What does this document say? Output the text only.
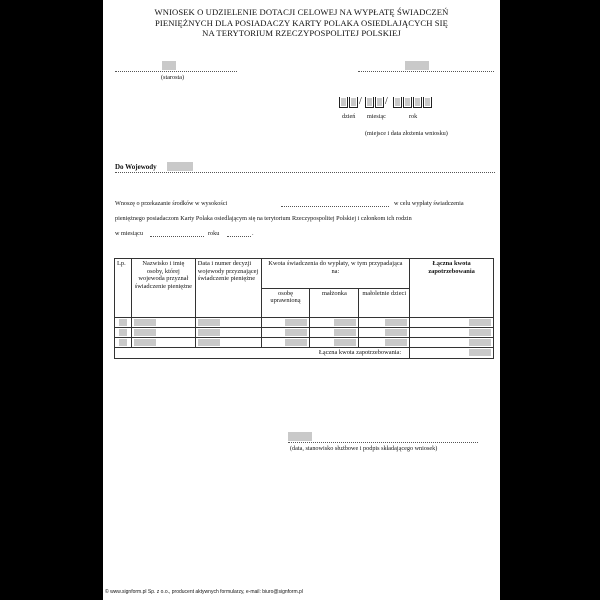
WNIOSEK O UDZIELENIE DOTACJI CELOWEJ NA WYPŁATĘ ŚWIADCZEŃ
PIENIĘŻNYCH DLA POSIADACZY KARTY POLAKA OSIEDLAJĄCYCH SIĘ
NA TERYTORIUM RZECZYPOSPOLITEJ POLSKIEJ
(starosta)
/ /
dzień miesiąc	rok
(miejsce i data złożenia wniosku)
Do Wojewody
Wnoszę o przekazanie środków w wysokości	w celu wypłaty świadczenia
pieniężnego posiadaczom Karty Polaka osiedlającym się na terytorium Rzeczypospolitej Polskiej i członkom ich rodzin
w miesiącu	roku	.
Lp.	Nazwisko i imię osoby, której wojewoda przyznał świadczenie pieniężne	Data i numer decyzji wojewody przyznającej świadczenie pieniężne	Kwota świadczenia do wypłaty, w tym przypadająca na:			Łączna kwota zapotrzebowania
			osobę uprawnioną	małżonka	małoletnie dzieci	

Łączna kwota zapotrzebowania:						
(data, stanowisko służbowe i podpis składającego wniosek)
© www.signform.pl Sp. z o.o., producent aktywnych formularzy, e-mail: biuro@signform.pl
